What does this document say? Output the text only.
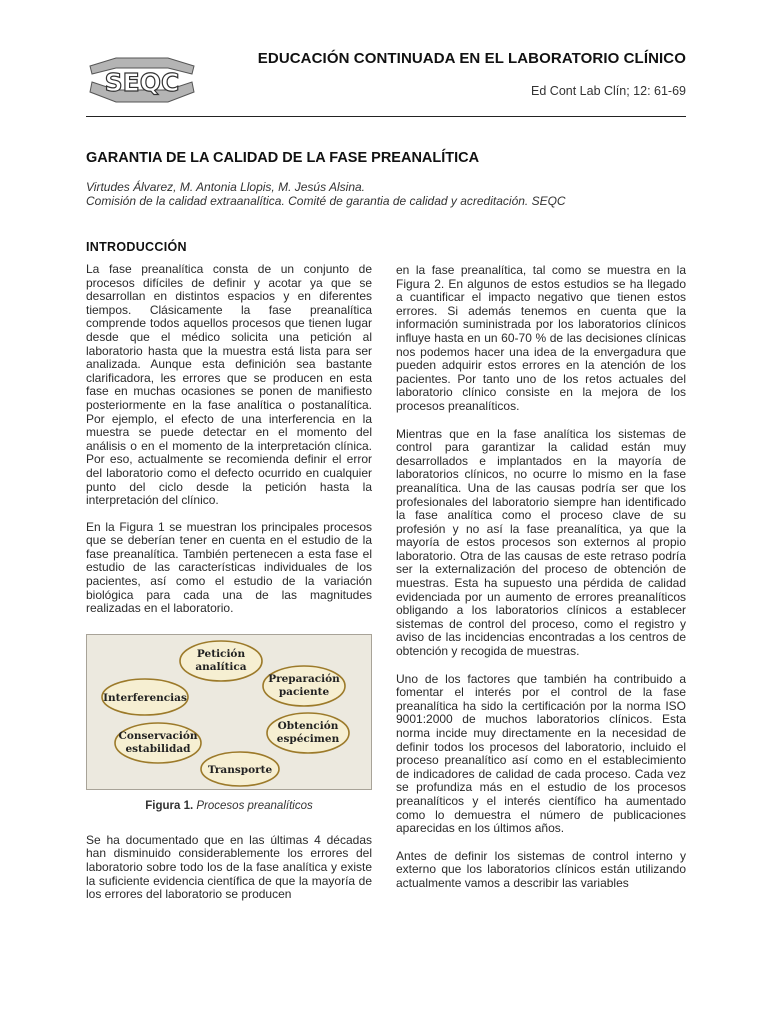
SEQC
EDUCACIÓN CONTINUADA EN EL LABORATORIO CLÍNICO
Ed Cont Lab Clín; 12: 61-69
GARANTIA DE LA CALIDAD DE LA FASE PREANALÍTICA
Virtudes Álvarez, M. Antonia Llopis, M. Jesús Alsina.
Comisión de la calidad extraanalítica. Comité de garantia de calidad y acreditación. SEQC
INTRODUCCIÓN

La fase preanalítica consta de un conjunto de procesos difíciles de definir y acotar ya que se desarrollan en distintos espacios y en diferentes tiempos. Clásicamente la fase preanalítica comprende todos aquellos procesos que tienen lugar desde que el médico solicita una petición al laboratorio hasta que la muestra está lista para ser analizada. Aunque esta definición sea bastante clarificadora, les errores que se producen en esta fase en muchas ocasiones se ponen de manifiesto posteriormente en la fase analítica o postanalítica. Por ejemplo, el efecto de una interferencia en la muestra se puede detectar en el momento del análisis o en el momento de la interpretación clínica. Por eso, actualmente se recomienda definir el error del laboratorio como el defecto ocurrido en cualquier punto del ciclo desde la petición hasta la interpretación del clínico.

En la Figura 1 se muestran los principales procesos que se deberían tener en cuenta en el estudio de la fase preanalítica. También pertenecen a esta fase el estudio de las características individuales de los pacientes, así como el estudio de la variación biológica para cada una de las magnitudes realizadas en el laboratorio.

Petición
analítica
Preparación
paciente
Interferencias
Obtención
espécimen
Conservación
estabilidad
Transporte
Figura 1. Procesos preanalíticos

Se ha documentado que en las últimas 4 décadas han disminuido considerablemente los errores del laboratorio sobre todo los de la fase analítica y existe la suficiente evidencia científica de que la mayoría de los errores del laboratorio se producen

en la fase preanalítica, tal como se muestra en la Figura 2. En algunos de estos estudios se ha llegado a cuantificar el impacto negativo que tienen estos errores. Si además tenemos en cuenta que la información suministrada por los laboratorios clínicos influye hasta en un 60-70 % de las decisiones clínicas nos podemos hacer una idea de la envergadura que pueden adquirir estos errores en la atención de los pacientes. Por tanto uno de los retos actuales del laboratorio clínico consiste en la mejora de los procesos preanalíticos.

Mientras que en la fase analítica los sistemas de control para garantizar la calidad están muy desarrollados e implantados en la mayoría de laboratorios clínicos, no ocurre lo mismo en la fase preanalítica. Una de las causas podría ser que los profesionales del laboratorio siempre han identificado la fase analítica como el proceso clave de su profesión y no así la fase preanalítica, ya que la mayoría de estos procesos son externos al propio laboratorio. Otra de las causas de este retraso podría ser la externalización del proceso de obtención de muestras. Esta ha supuesto una pérdida de calidad evidenciada por un aumento de errores preanalíticos obligando a los laboratorios clínicos a establecer sistemas de control del proceso, como el registro y aviso de las incidencias encontradas a los centros de obtención y recogida de muestras.

Uno de los factores que también ha contribuido a fomentar el interés por el control de la fase preanalítica ha sido la certificación por la norma ISO 9001:2000 de muchos laboratorios clínicos. Esta norma incide muy directamente en la necesidad de definir todos los procesos del laboratorio, incluido el proceso preanalítico así como en el establecimiento de indicadores de calidad de cada proceso. Cada vez se profundiza más en el estudio de los procesos preanalíticos y el interés científico ha aumentado como lo demuestra el número de publicaciones aparecidas en los últimos años.

Antes de definir los sistemas de control interno y externo que los laboratorios clínicos están utilizando actualmente vamos a describir las variables
